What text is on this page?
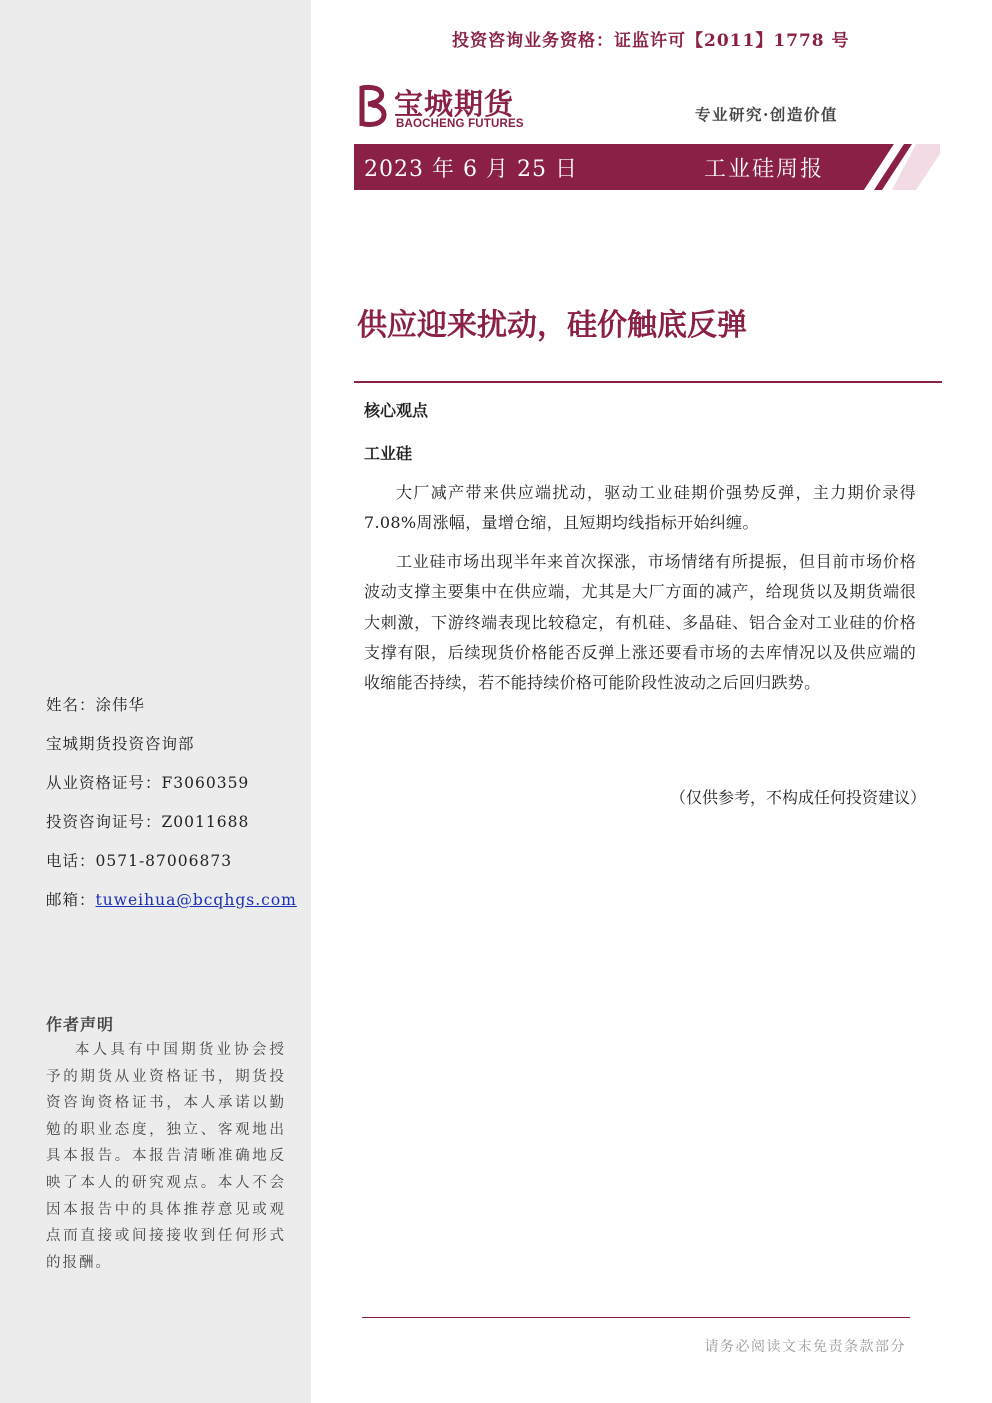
投资咨询业务资格：证监许可【2011】1778 号
宝城期货
BAOCHENG FUTURES	专业研究·创造价值
2023 年 6 月 25 日	工业硅周报
供应迎来扰动，硅价触底反弹
核心观点
工业硅
大厂减产带来供应端扰动，驱动工业硅期价强势反弹，主力期价录得 7.08%周涨幅，量增仓缩，且短期均线指标开始纠缠。
工业硅市场出现半年来首次探涨，市场情绪有所提振，但目前市场价格波动支撑主要集中在供应端，尤其是大厂方面的减产，给现货以及期货端很大刺激，下游终端表现比较稳定，有机硅、多晶硅、铝合金对工业硅的价格支撑有限，后续现货价格能否反弹上涨还要看市场的去库情况以及供应端的收缩能否持续，若不能持续价格可能阶段性波动之后回归跌势。
（仅供参考，不构成任何投资建议）
姓名：涂伟华
宝城期货投资咨询部
从业资格证号：F3060359
投资咨询证号：Z0011688
电话：0571-87006873
邮箱：tuweihua@bcqhgs.com
作者声明
本人具有中国期货业协会授予的期货从业资格证书，期货投资咨询资格证书，本人承诺以勤勉的职业态度，独立、客观地出具本报告。本报告清晰准确地反映了本人的研究观点。本人不会因本报告中的具体推荐意见或观点而直接或间接接收到任何形式的报酬。
请务必阅读文末免责条款部分
